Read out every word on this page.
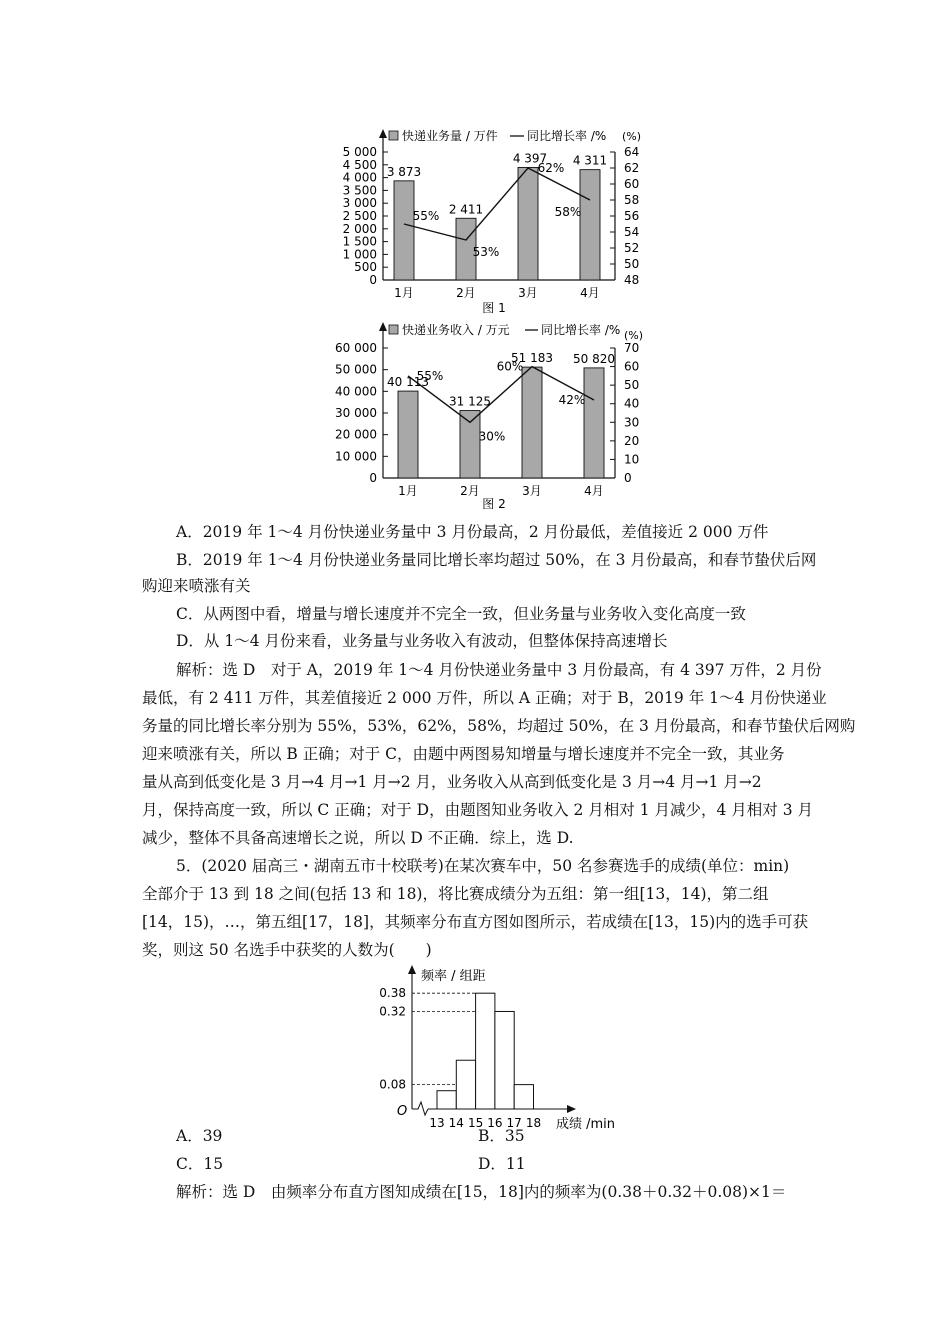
5 000
4 500
4 000
3 500
3 000
2 500
2 000
1 500
1 000
500
0
64
62
60
58
56
54
52
50
48
快递业务量 / 万件 同比增长率 /% (%)
1月	2月	3月	4月
3 873
2 411
4 397 4 311
55%
53%
62%
58%
图 1
60 000
50 000
40 000
30 000
20 000
10 000
0
70
60
50
40
30
20
10
0
快递业务收入 / 万元	同比增长率 /% (%)
1月	2月	3月	4月
40 113
31 125
51 183 50 820
55%
30%
60%
42%
图 2
A．2019 年 1～4 月份快递业务量中 3 月份最高，2 月份最低，差值接近 2 000 万件
B．2019 年 1～4 月份快递业务量同比增长率均超过 50%，在 3 月份最高，和春节蛰伏后网
购迎来喷涨有关
C．从两图中看，增量与增长速度并不完全一致，但业务量与业务收入变化高度一致
D．从 1～4 月份来看，业务量与业务收入有波动，但整体保持高速增长
解析：选 D　对于 A，2019 年 1～4 月份快递业务量中 3 月份最高，有 4 397 万件，2 月份
最低，有 2 411 万件，其差值接近 2 000 万件，所以 A 正确；对于 B，2019 年 1～4 月份快递业
务量的同比增长率分别为 55%，53%，62%，58%，均超过 50%，在 3 月份最高，和春节蛰伏后网购
迎来喷涨有关，所以 B 正确；对于 C，由题中两图易知增量与增长速度并不完全一致，其业务
量从高到低变化是 3 月→4 月→1 月→2 月，业务收入从高到低变化是 3 月→4 月→1 月→2
月，保持高度一致，所以 C 正确；对于 D，由题图知业务收入 2 月相对 1 月减少，4 月相对 3 月
减少，整体不具备高速增长之说，所以 D 不正确．综上，选 D.
5．(2020 届高三・湖南五市十校联考)在某次赛车中，50 名参赛选手的成绩(单位：min)
全部介于 13 到 18 之间(包括 13 和 18)，将比赛成绩分为五组：第一组[13，14)，第二组
[14，15)，…，第五组[17，18]，其频率分布直方图如图所示，若成绩在[13，15)内的选手可获
奖，则这 50 名选手中获奖的人数为(　　)
频率 / 组距
O
成绩 /min
0.38
0.32
0.08
13 14 15 16 17 18
A．39	B．35
C．15	D．11
解析：选 D　由频率分布直方图知成绩在[15，18]内的频率为(0.38＋0.32＋0.08)×1＝
